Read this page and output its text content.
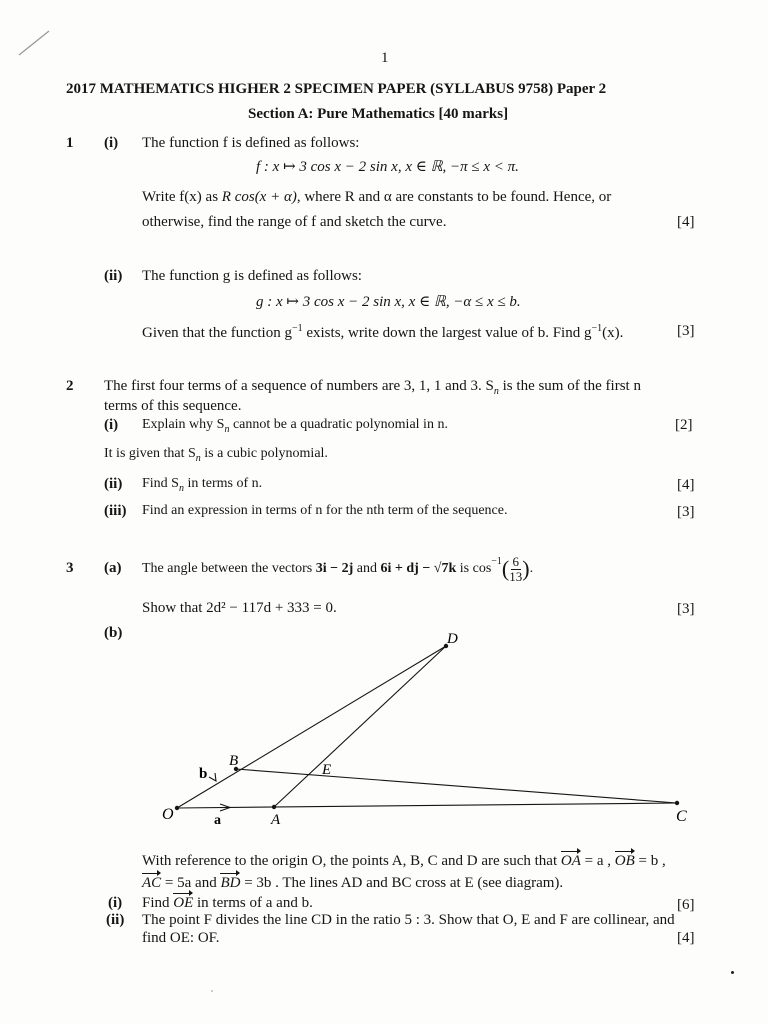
1
2017 MATHEMATICS HIGHER 2 SPECIMEN PAPER (SYLLABUS 9758) Paper 2
Section A: Pure Mathematics [40 marks]
1 (i) The function f is defined as follows:
f : x ↦ 3 cos x − 2 sin x, x ∈ ℝ, −π ≤ x < π.
Write f(x) as R cos(x + α), where R and α are constants to be found. Hence, or
otherwise, find the range of f and sketch the curve.	[4]
(ii) The function g is defined as follows:
g : x ↦ 3 cos x − 2 sin x, x ∈ ℝ, −α ≤ x ≤ b.
Given that the function $g^{-1}$ exists, write down the largest value of b. Find $g^{-1}(x)$.	[3]
2 The first four terms of a sequence of numbers are 3, 1, 1 and 3. $S_n$ is the sum of the first n
terms of this sequence.
(i) Explain why $S_n$ cannot be a quadratic polynomial in n.	[2]
It is given that $S_n$ is a cubic polynomial.
(ii) Find $S_n$ in terms of n.	[4]
(iii) Find an expression in terms of n for the nth term of the sequence.	[3]
3 (a) The angle between the vectors
3i − 2j
and
6i + dj − √7k
is $\cos^{-1}$ ( $\frac{6}{13}$ ) .
Show that 2d² − 117d + 333 = 0.	[3]
(b)
O	A
B
C
D
E
a
b
With reference to the origin O, the points A, B, C and D are such that OA = a , OB = b ,
AC = 5a and BD = 3b . The lines AD and BC cross at E (see diagram).
(i) Find OE in terms of a and b.	[6]
(ii) The point F divides the line CD in the ratio 5 : 3. Show that O, E and F are collinear, and
find OE: OF.	[4]
